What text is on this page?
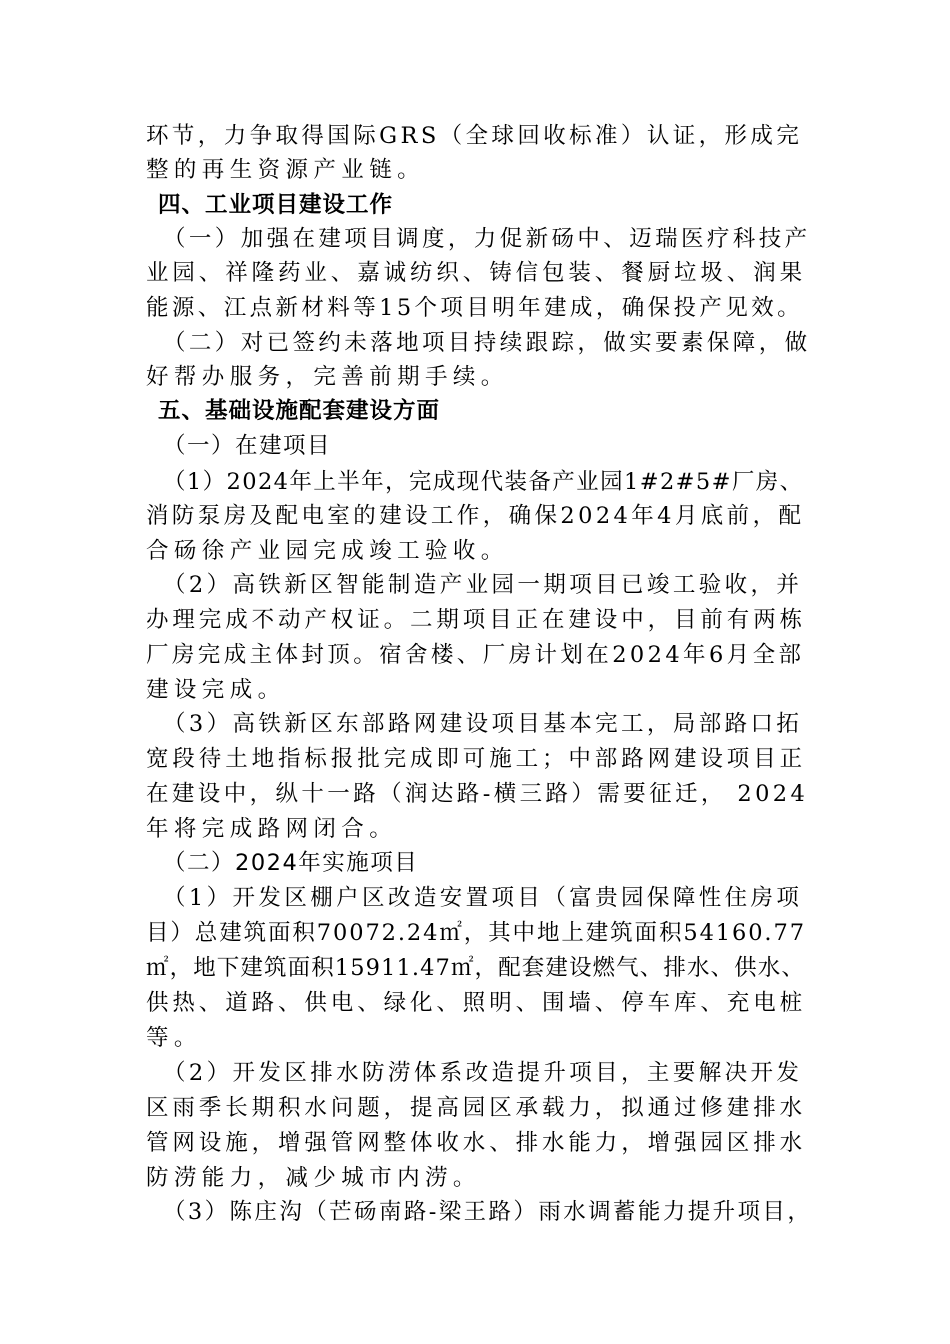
环节，力争取得国际GRS（全球回收标准）认证，形成完
整的再生资源产业链。
四、工业项目建设工作
（一）加强在建项目调度，力促新砀中、迈瑞医疗科技产
业园、祥隆药业、嘉诚纺织、铸信包装、餐厨垃圾、润果
能源、江点新材料等15个项目明年建成，确保投产见效。
（二）对已签约未落地项目持续跟踪，做实要素保障，做
好帮办服务，完善前期手续。
五、基础设施配套建设方面
（一）在建项目
（1）2024年上半年，完成现代装备产业园1#2#5#厂房、
消防泵房及配电室的建设工作，确保2024年4月底前，配
合砀徐产业园完成竣工验收。
（2）高铁新区智能制造产业园一期项目已竣工验收，并
办理完成不动产权证。二期项目正在建设中，目前有两栋
厂房完成主体封顶。宿舍楼、厂房计划在2024年6月全部
建设完成。
（3）高铁新区东部路网建设项目基本完工，局部路口拓
宽段待土地指标报批完成即可施工；中部路网建设项目正
在建设中，纵十一路（润达路-横三路）需要征迁， 2024
年将完成路网闭合。
（二）2024年实施项目
（1）开发区棚户区改造安置项目（富贵园保障性住房项
目）总建筑面积70072.24㎡，其中地上建筑面积54160.77
㎡，地下建筑面积15911.47㎡，配套建设燃气、排水、供水、
供热、道路、供电、绿化、照明、围墙、停车库、充电桩
等。
（2）开发区排水防涝体系改造提升项目，主要解决开发
区雨季长期积水问题，提高园区承载力，拟通过修建排水
管网设施，增强管网整体收水、排水能力，增强园区排水
防涝能力，减少城市内涝。
（3）陈庄沟（芒砀南路-梁王路）雨水调蓄能力提升项目，
